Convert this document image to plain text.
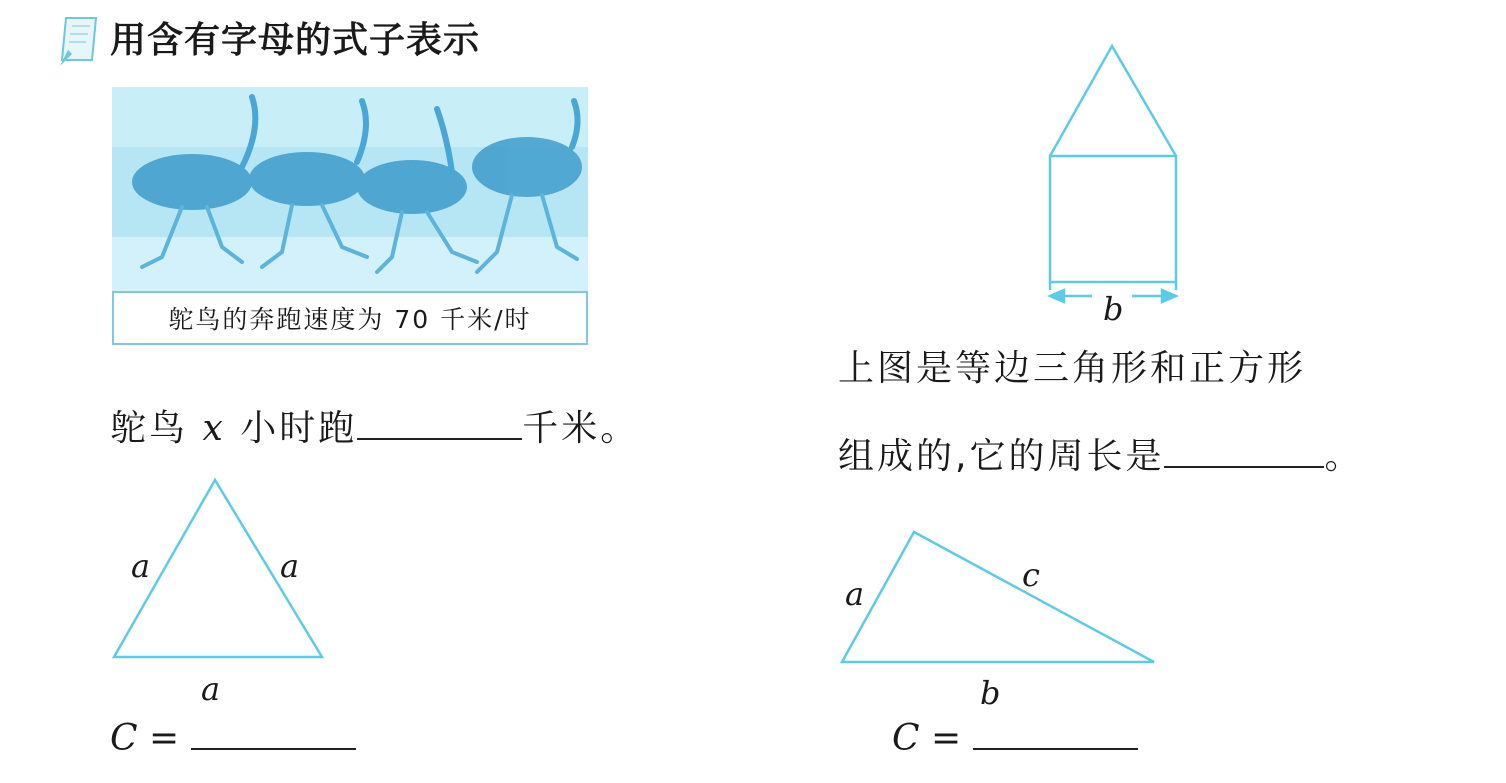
用含有字母的式子表示
鸵鸟的奔跑速度为 70 千米/时
鸵鸟 x 小时跑	千米。
b
上图是等边三角形和正方形
组成的,它的周长是	。
a	a
a
C =
a	c
b
C =
